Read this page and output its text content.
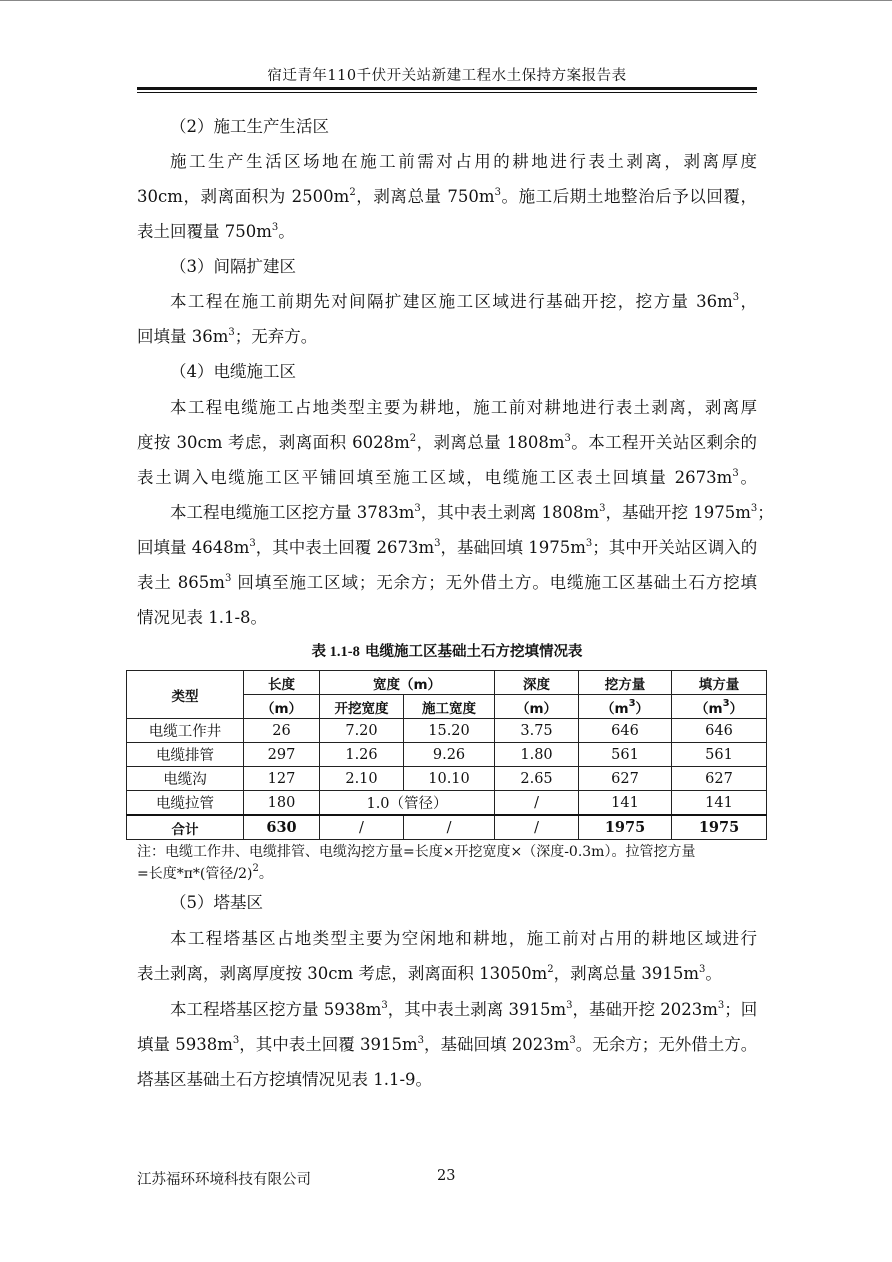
宿迁青年110千伏开关站新建工程水土保持方案报告表
（2）施工生产生活区
施工生产生活区场地在施工前需对占用的耕地进行表土剥离，剥离厚度
30cm，剥离面积为 $2500m^2$，剥离总量 $750m^3$。施工后期土地整治后予以回覆，
表土回覆量 $750m^3$。
（3）间隔扩建区
本工程在施工前期先对间隔扩建区施工区域进行基础开挖，挖方量 $36m^3$，
回填量 $36m^3$；无弃方。
（4）电缆施工区
本工程电缆施工占地类型主要为耕地，施工前对耕地进行表土剥离，剥离厚
度按 30cm 考虑，剥离面积 $6028m^2$，剥离总量 $1808m^3$。本工程开关站区剩余的
表土调入电缆施工区平铺回填至施工区域，电缆施工区表土回填量 $2673m^3$。
本工程电缆施工区挖方量 $3783m^3$，其中表土剥离 $1808m^3$，基础开挖 $1975m^3$；
回填量 $4648m^3$，其中表土回覆 $2673m^3$，基础回填 $1975m^3$；其中开关站区调入的
表土 $865m^3$ 回填至施工区域；无余方；无外借土方。电缆施工区基础土石方挖填
情况见表 1.1-8。
表 1.1-8 电缆施工区基础土石方挖填情况表
类型	长度	宽度（m）		深度	挖方量	填方量
	（m）	开挖宽度	施工宽度	（m）	$(m^3)$	$(m^3)$
电缆工作井	26	7.20	15.20	3.75	646	646
电缆排管	297	1.26	9.26	1.80	561	561
电缆沟	127	2.10	10.10	2.65	627	627
电缆拉管	180	1.0（管径）		/	141	141
合计	630	/	/	/	1975	1975
注：电缆工作井、电缆排管、电缆沟挖方量=长度×开挖宽度×（深度-0.3m）。拉管挖方量
=长度*π*(管径/2)$^2$。
（5）塔基区
本工程塔基区占地类型主要为空闲地和耕地，施工前对占用的耕地区域进行
表土剥离，剥离厚度按 30cm 考虑，剥离面积 $13050m^2$，剥离总量 $3915m^3$。
本工程塔基区挖方量 $5938m^3$，其中表土剥离 $3915m^3$，基础开挖 $2023m^3$；回
填量 $5938m^3$，其中表土回覆 $3915m^3$，基础回填 $2023m^3$。无余方；无外借土方。
塔基区基础土石方挖填情况见表 1.1-9。
江苏福环环境科技有限公司	23
